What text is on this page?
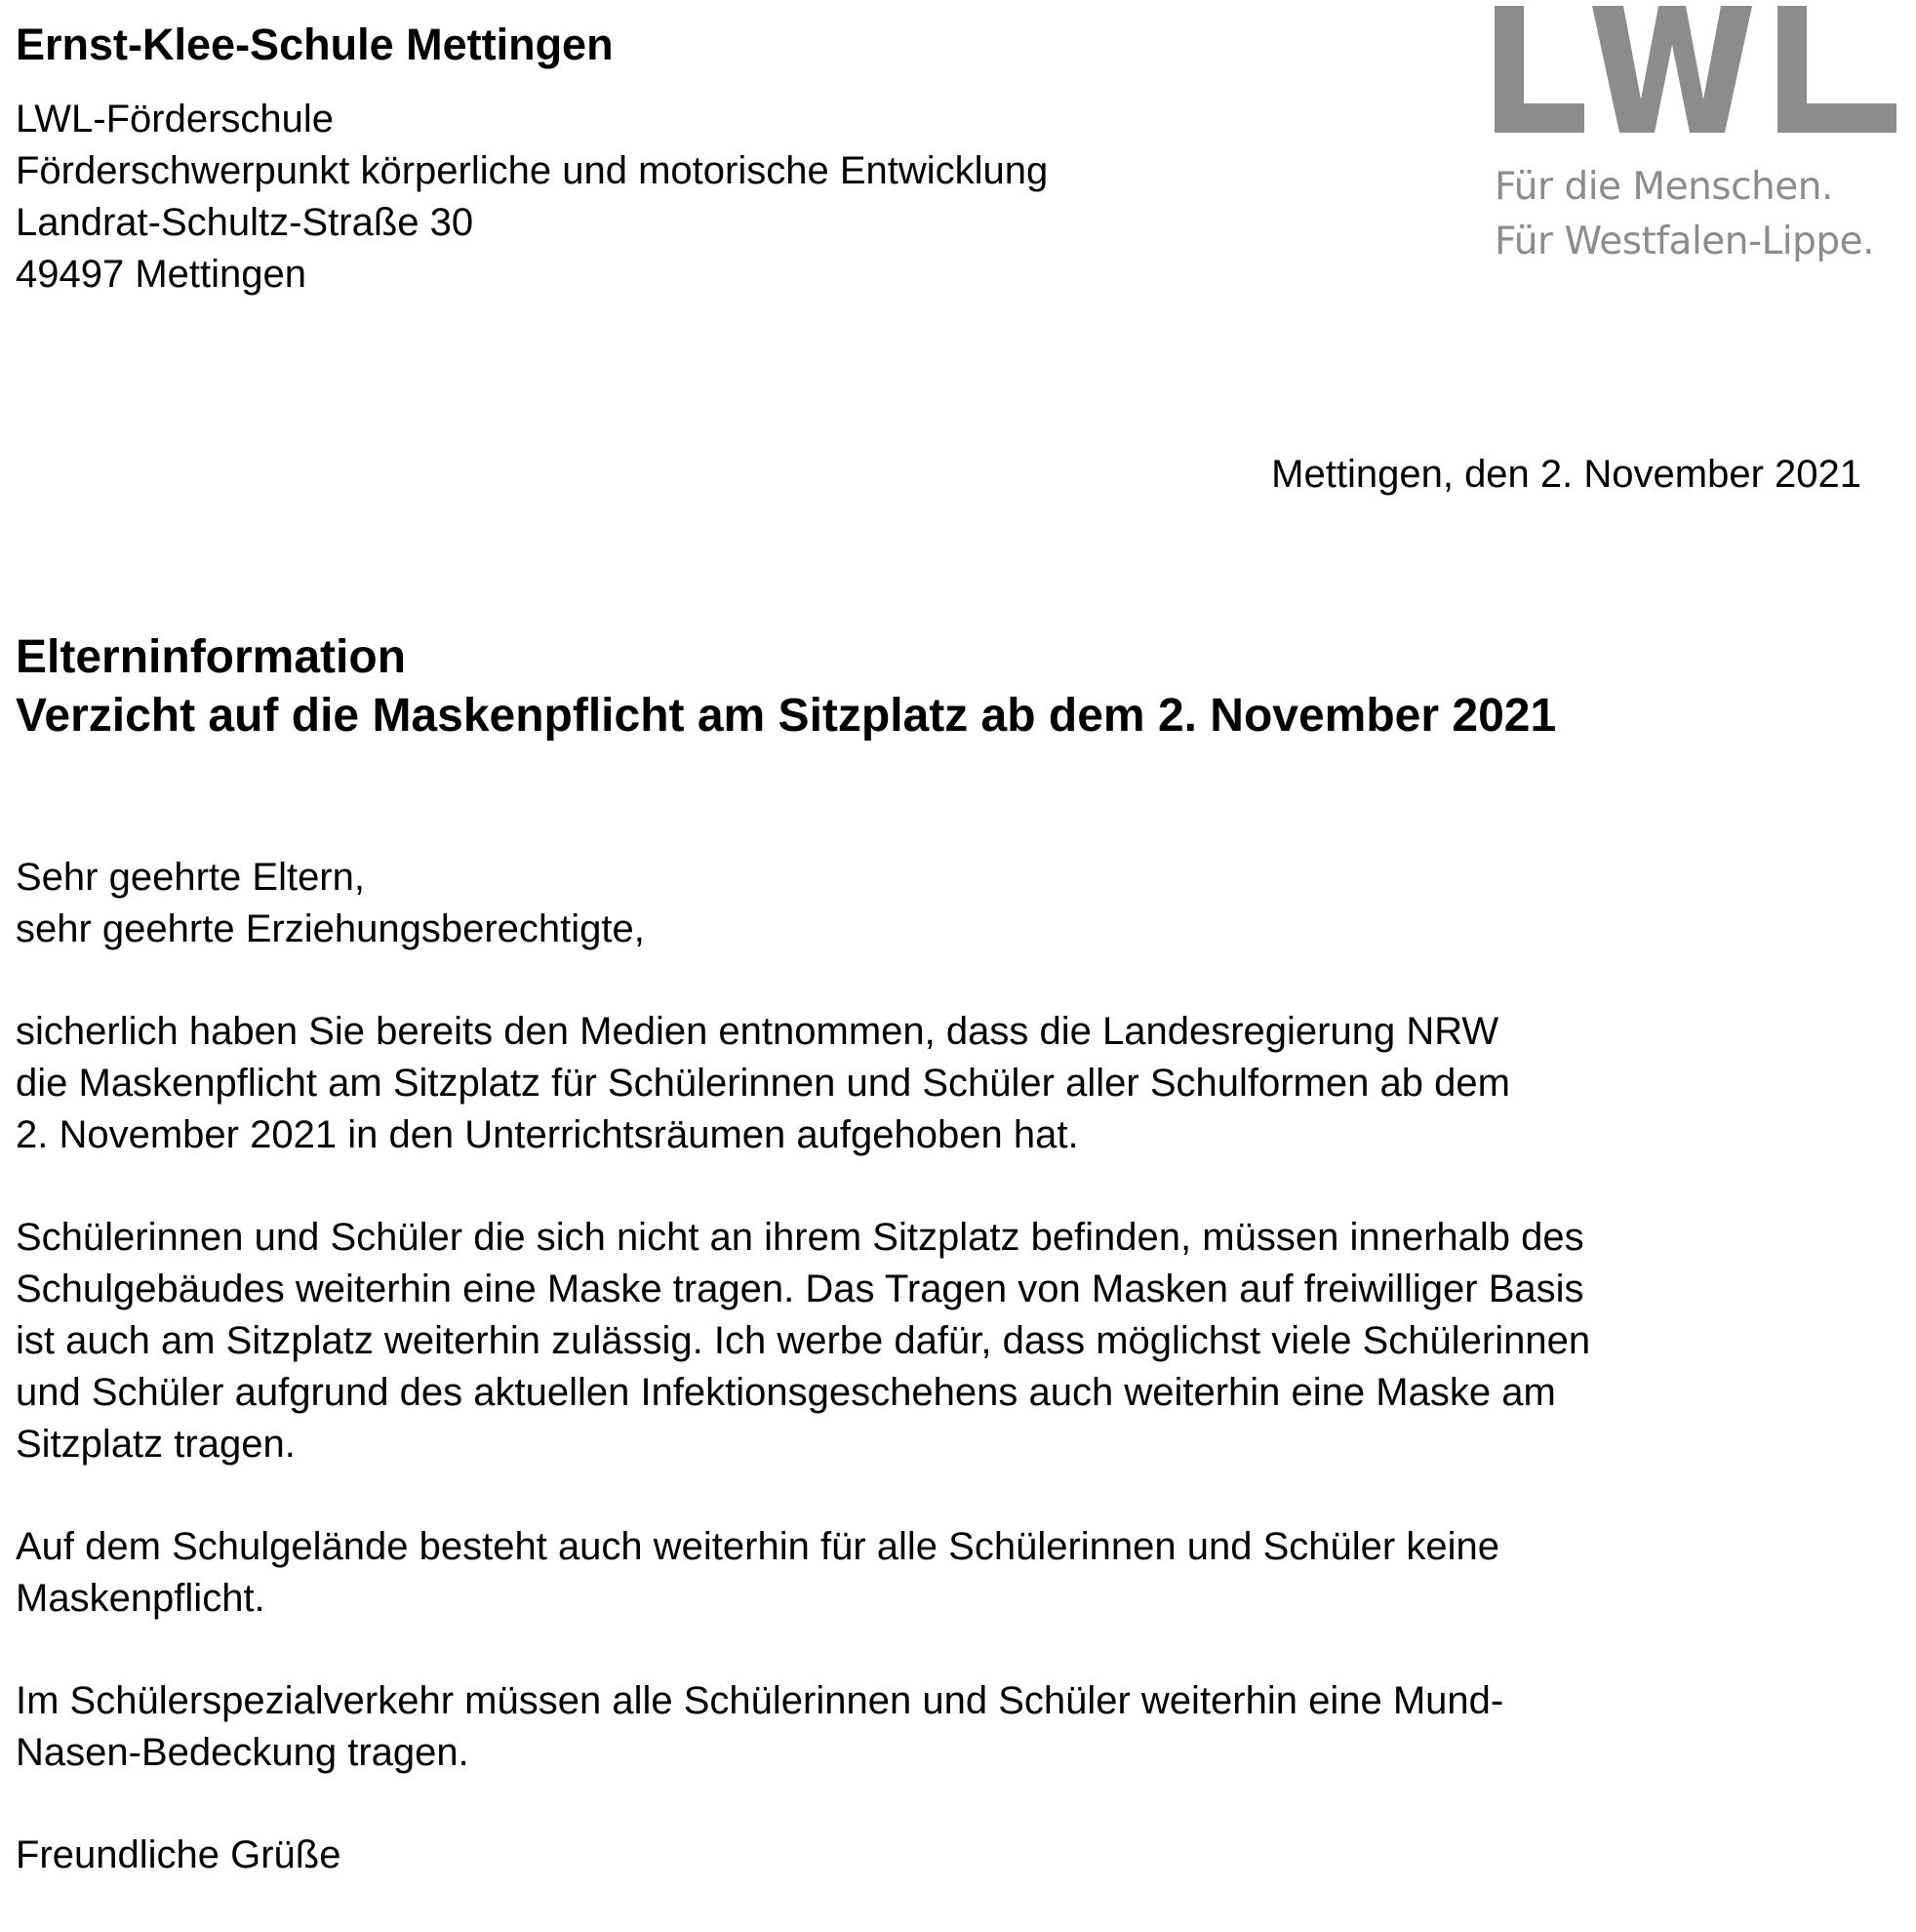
Ernst-Klee-Schule Mettingen
LWL-Förderschule
Förderschwerpunkt körperliche und motorische Entwicklung
Landrat-Schultz-Straße 30
49497 Mettingen
Für die Menschen.
Für Westfalen-Lippe.
Mettingen, den 2. November 2021
Elterninformation
Verzicht auf die Maskenpflicht am Sitzplatz ab dem 2. November 2021
Sehr geehrte Eltern,
sehr geehrte Erziehungsberechtigte,
sicherlich haben Sie bereits den Medien entnommen, dass die Landesregierung NRW
die Maskenpflicht am Sitzplatz für Schülerinnen und Schüler aller Schulformen ab dem
2. November 2021 in den Unterrichtsräumen aufgehoben hat.
Schülerinnen und Schüler die sich nicht an ihrem Sitzplatz befinden, müssen innerhalb des
Schulgebäudes weiterhin eine Maske tragen. Das Tragen von Masken auf freiwilliger Basis
ist auch am Sitzplatz weiterhin zulässig. Ich werbe dafür, dass möglichst viele Schülerinnen
und Schüler aufgrund des aktuellen Infektionsgeschehens auch weiterhin eine Maske am
Sitzplatz tragen.
Auf dem Schulgelände besteht auch weiterhin für alle Schülerinnen und Schüler keine
Maskenpflicht.
Im Schülerspezialverkehr müssen alle Schülerinnen und Schüler weiterhin eine Mund-
Nasen-Bedeckung tragen.
Freundliche Grüße
